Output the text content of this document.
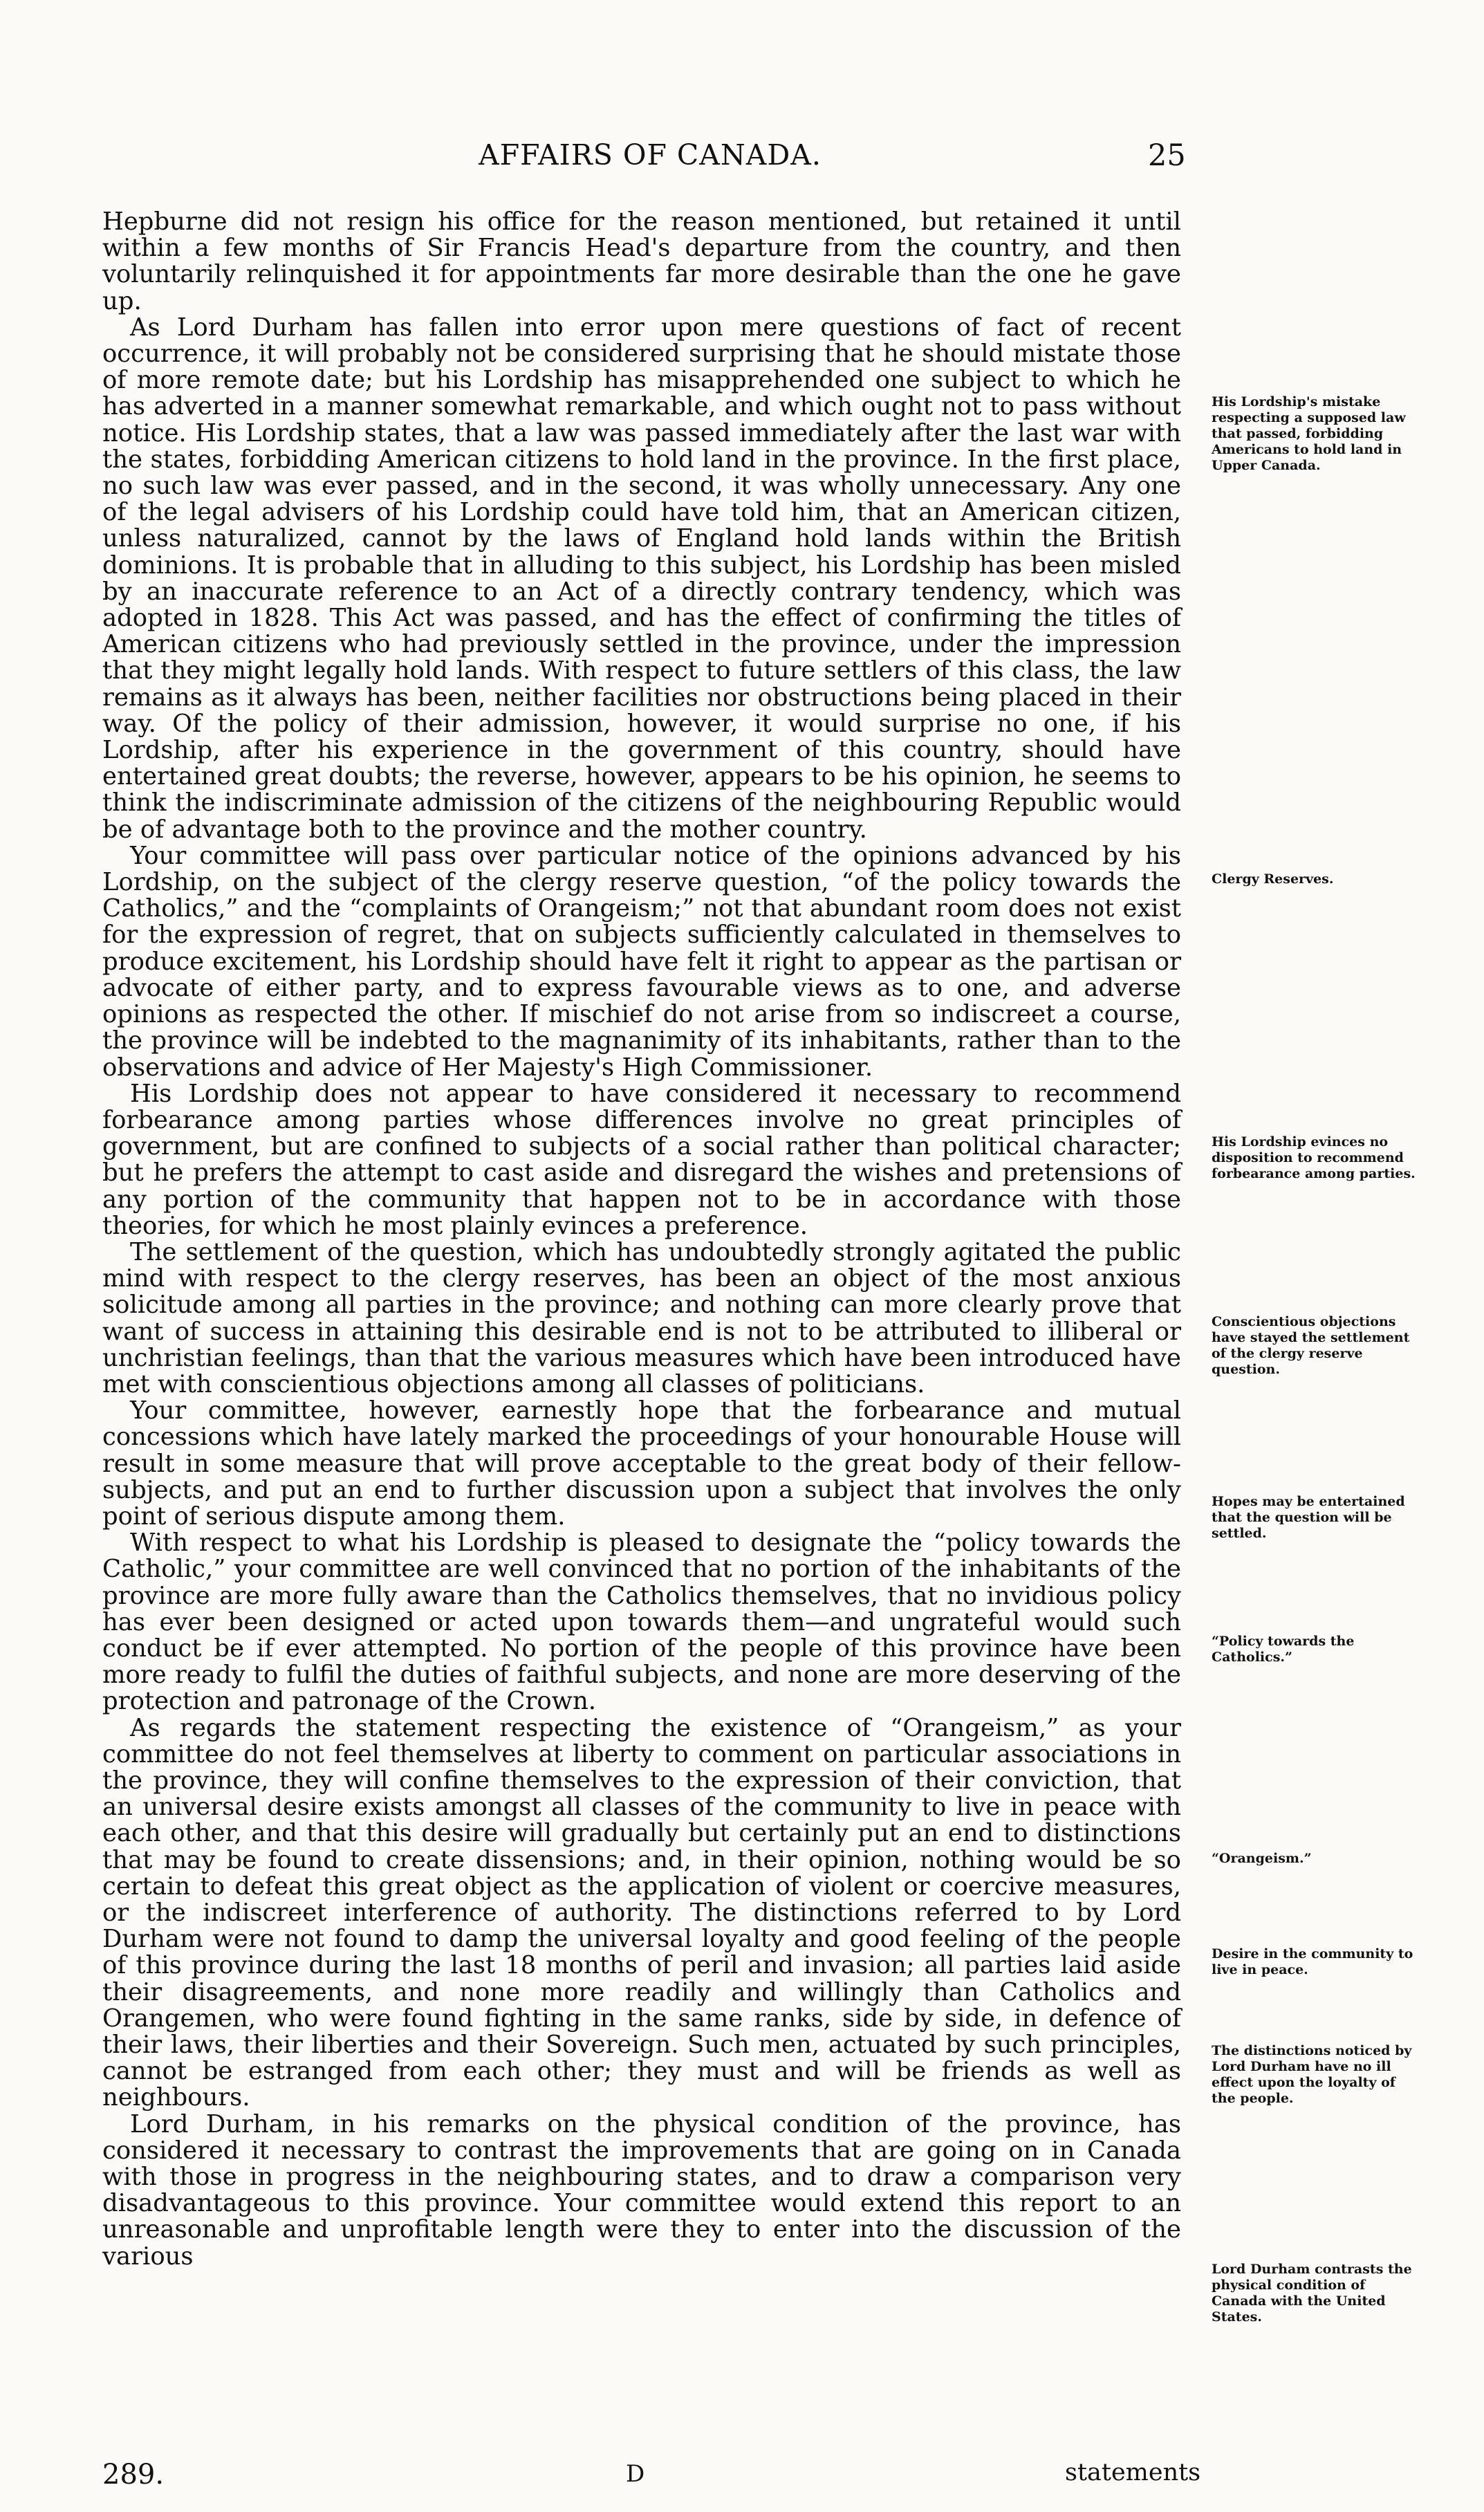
AFFAIRS OF CANADA.	25

Hepburne did not resign his office for the reason mentioned, but retained it until within a few months of Sir Francis Head's departure from the country, and then voluntarily relinquished it for appointments far more desirable than the one he gave up.

As Lord Durham has fallen into error upon mere questions of fact of recent occurrence, it will probably not be considered surprising that he should mistate those of more remote date; but his Lordship has misapprehended one subject to which he has adverted in a manner somewhat remarkable, and which ought not to pass without notice. His Lordship states, that a law was passed immediately after the last war with the states, forbidding American citizens to hold land in the province. In the first place, no such law was ever passed, and in the second, it was wholly unnecessary. Any one of the legal advisers of his Lordship could have told him, that an American citizen, unless naturalized, cannot by the laws of England hold lands within the British dominions. It is probable that in alluding to this subject, his Lordship has been misled by an inaccurate reference to an Act of a directly contrary tendency, which was adopted in 1828. This Act was passed, and has the effect of confirming the titles of American citizens who had previously settled in the province, under the impression that they might legally hold lands. With respect to future settlers of this class, the law remains as it always has been, neither facilities nor obstructions being placed in their way. Of the policy of their admission, however, it would surprise no one, if his Lordship, after his experience in the government of this country, should have entertained great doubts; the reverse, however, appears to be his opinion, he seems to think the indiscriminate admission of the citizens of the neighbouring Republic would be of advantage both to the province and the mother country.

Your committee will pass over particular notice of the opinions advanced by his Lordship, on the subject of the clergy reserve question, “of the policy towards the Catholics,” and the “complaints of Orangeism;” not that abundant room does not exist for the expression of regret, that on subjects sufficiently calculated in themselves to produce excitement, his Lordship should have felt it right to appear as the partisan or advocate of either party, and to express favourable views as to one, and adverse opinions as respected the other. If mischief do not arise from so indiscreet a course, the province will be indebted to the magnanimity of its inhabitants, rather than to the observations and advice of Her Majesty's High Commissioner.

His Lordship does not appear to have considered it necessary to recommend forbearance among parties whose differences involve no great principles of government, but are confined to subjects of a social rather than political character; but he prefers the attempt to cast aside and disregard the wishes and pretensions of any portion of the community that happen not to be in accordance with those theories, for which he most plainly evinces a preference.

The settlement of the question, which has undoubtedly strongly agitated the public mind with respect to the clergy reserves, has been an object of the most anxious solicitude among all parties in the province; and nothing can more clearly prove that want of success in attaining this desirable end is not to be attributed to illiberal or unchristian feelings, than that the various measures which have been introduced have met with conscientious objections among all classes of politicians.

Your committee, however, earnestly hope that the forbearance and mutual concessions which have lately marked the proceedings of your honourable House will result in some measure that will prove acceptable to the great body of their fellow-subjects, and put an end to further discussion upon a subject that involves the only point of serious dispute among them.

With respect to what his Lordship is pleased to designate the “policy towards the Catholic,” your committee are well convinced that no portion of the inhabitants of the province are more fully aware than the Catholics themselves, that no invidious policy has ever been designed or acted upon towards them—and ungrateful would such conduct be if ever attempted. No portion of the people of this province have been more ready to fulfil the duties of faithful subjects, and none are more deserving of the protection and patronage of the Crown.

As regards the statement respecting the existence of “Orangeism,” as your committee do not feel themselves at liberty to comment on particular associations in the province, they will confine themselves to the expression of their conviction, that an universal desire exists amongst all classes of the community to live in peace with each other, and that this desire will gradually but certainly put an end to distinctions that may be found to create dissensions; and, in their opinion, nothing would be so certain to defeat this great object as the application of violent or coercive measures, or the indiscreet interference of authority. The distinctions referred to by Lord Durham were not found to damp the universal loyalty and good feeling of the people of this province during the last 18 months of peril and invasion; all parties laid aside their disagreements, and none more readily and willingly than Catholics and Orangemen, who were found fighting in the same ranks, side by side, in defence of their laws, their liberties and their Sovereign. Such men, actuated by such principles, cannot be estranged from each other; they must and will be friends as well as neighbours.

Lord Durham, in his remarks on the physical condition of the province, has considered it necessary to contrast the improvements that are going on in Canada with those in progress in the neighbouring states, and to draw a comparison very disadvantageous to this province. Your committee would extend this report to an unreasonable and unprofitable length were they to enter into the discussion of the various

His Lordship's mistake respecting a supposed law that passed, forbidding Americans to hold land in Upper Canada.
Clergy Reserves.
His Lordship evinces no disposition to recommend forbearance among parties.
Conscientious objections have stayed the settlement of the clergy reserve question.
Hopes may be entertained that the question will be settled.
“Policy towards the Catholics.”
“Orangeism.”
Desire in the community to live in peace.
The distinctions noticed by Lord Durham have no ill effect upon the loyalty of the people.
Lord Durham contrasts the physical condition of Canada with the United States.
289.	D	statements
